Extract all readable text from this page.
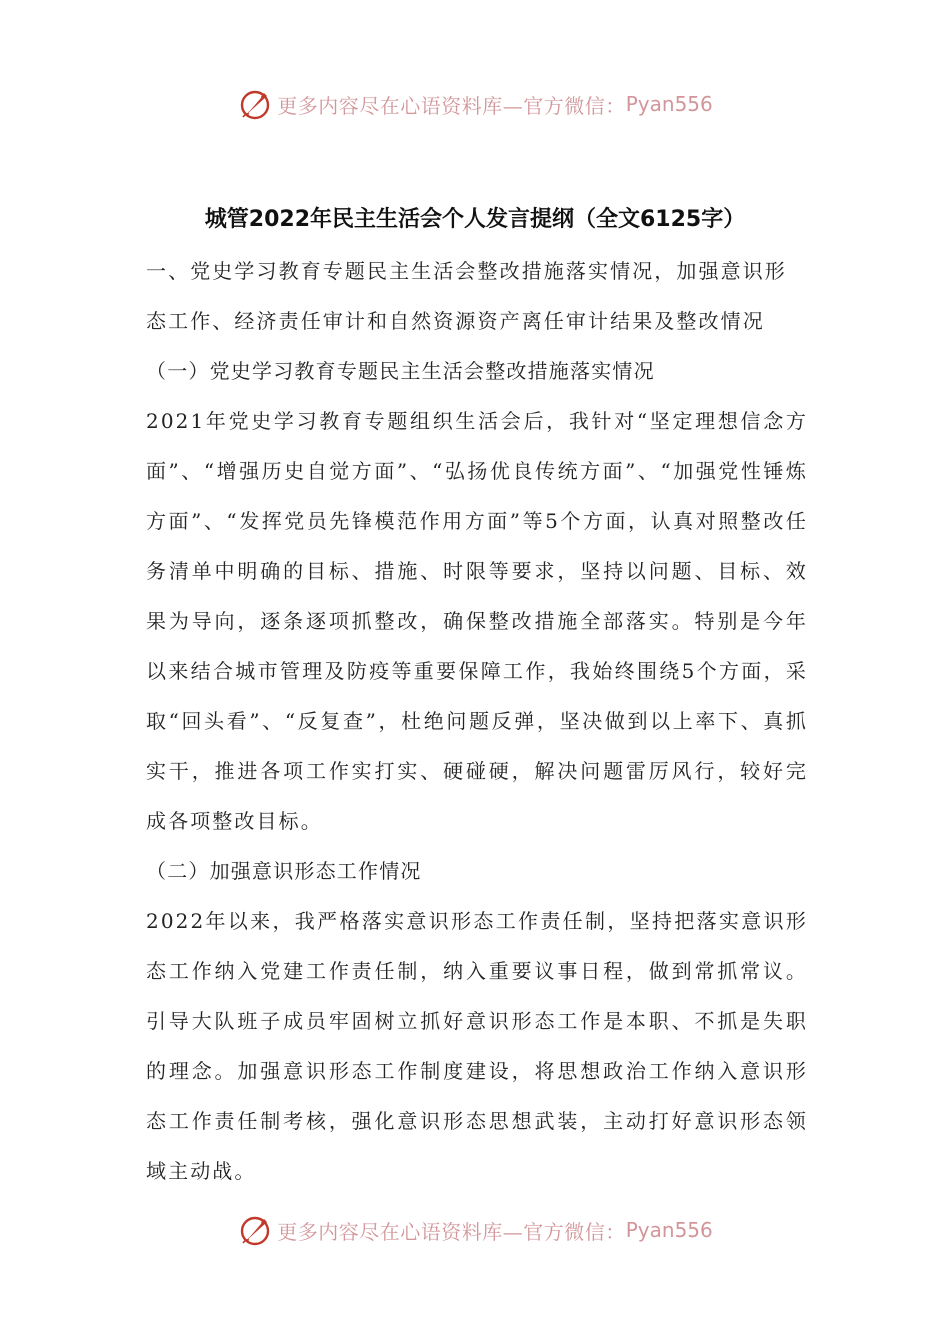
更多内容尽在心语资料库—官方微信： Pyan556
城管2022年民主生活会个人发言提纲（全文6125字）

一、党史学习教育专题民主生活会整改措施落实情况，加强意识形态工作、经济责任审计和自然资源资产离任审计结果及整改情况

（一）党史学习教育专题民主生活会整改措施落实情况

2021年党史学习教育专题组织生活会后，我针对“坚定理想信念方面”、“增强历史自觉方面”、“弘扬优良传统方面”、“加强党性锤炼方面”、“发挥党员先锋模范作用方面”等5个方面，认真对照整改任务清单中明确的目标、措施、时限等要求，坚持以问题、目标、效果为导向，逐条逐项抓整改，确保整改措施全部落实。特别是今年以来结合城市管理及防疫等重要保障工作，我始终围绕5个方面，采取“回头看”、“反复查”，杜绝问题反弹，坚决做到以上率下、真抓实干，推进各项工作实打实、硬碰硬，解决问题雷厉风行，较好完成各项整改目标。

（二）加强意识形态工作情况

2022年以来，我严格落实意识形态工作责任制，坚持把落实意识形态工作纳入党建工作责任制，纳入重要议事日程，做到常抓常议。引导大队班子成员牢固树立抓好意识形态工作是本职、不抓是失职的理念。加强意识形态工作制度建设，将思想政治工作纳入意识形态工作责任制考核，强化意识形态思想武装，主动打好意识形态领域主动战。

更多内容尽在心语资料库—官方微信： Pyan556
